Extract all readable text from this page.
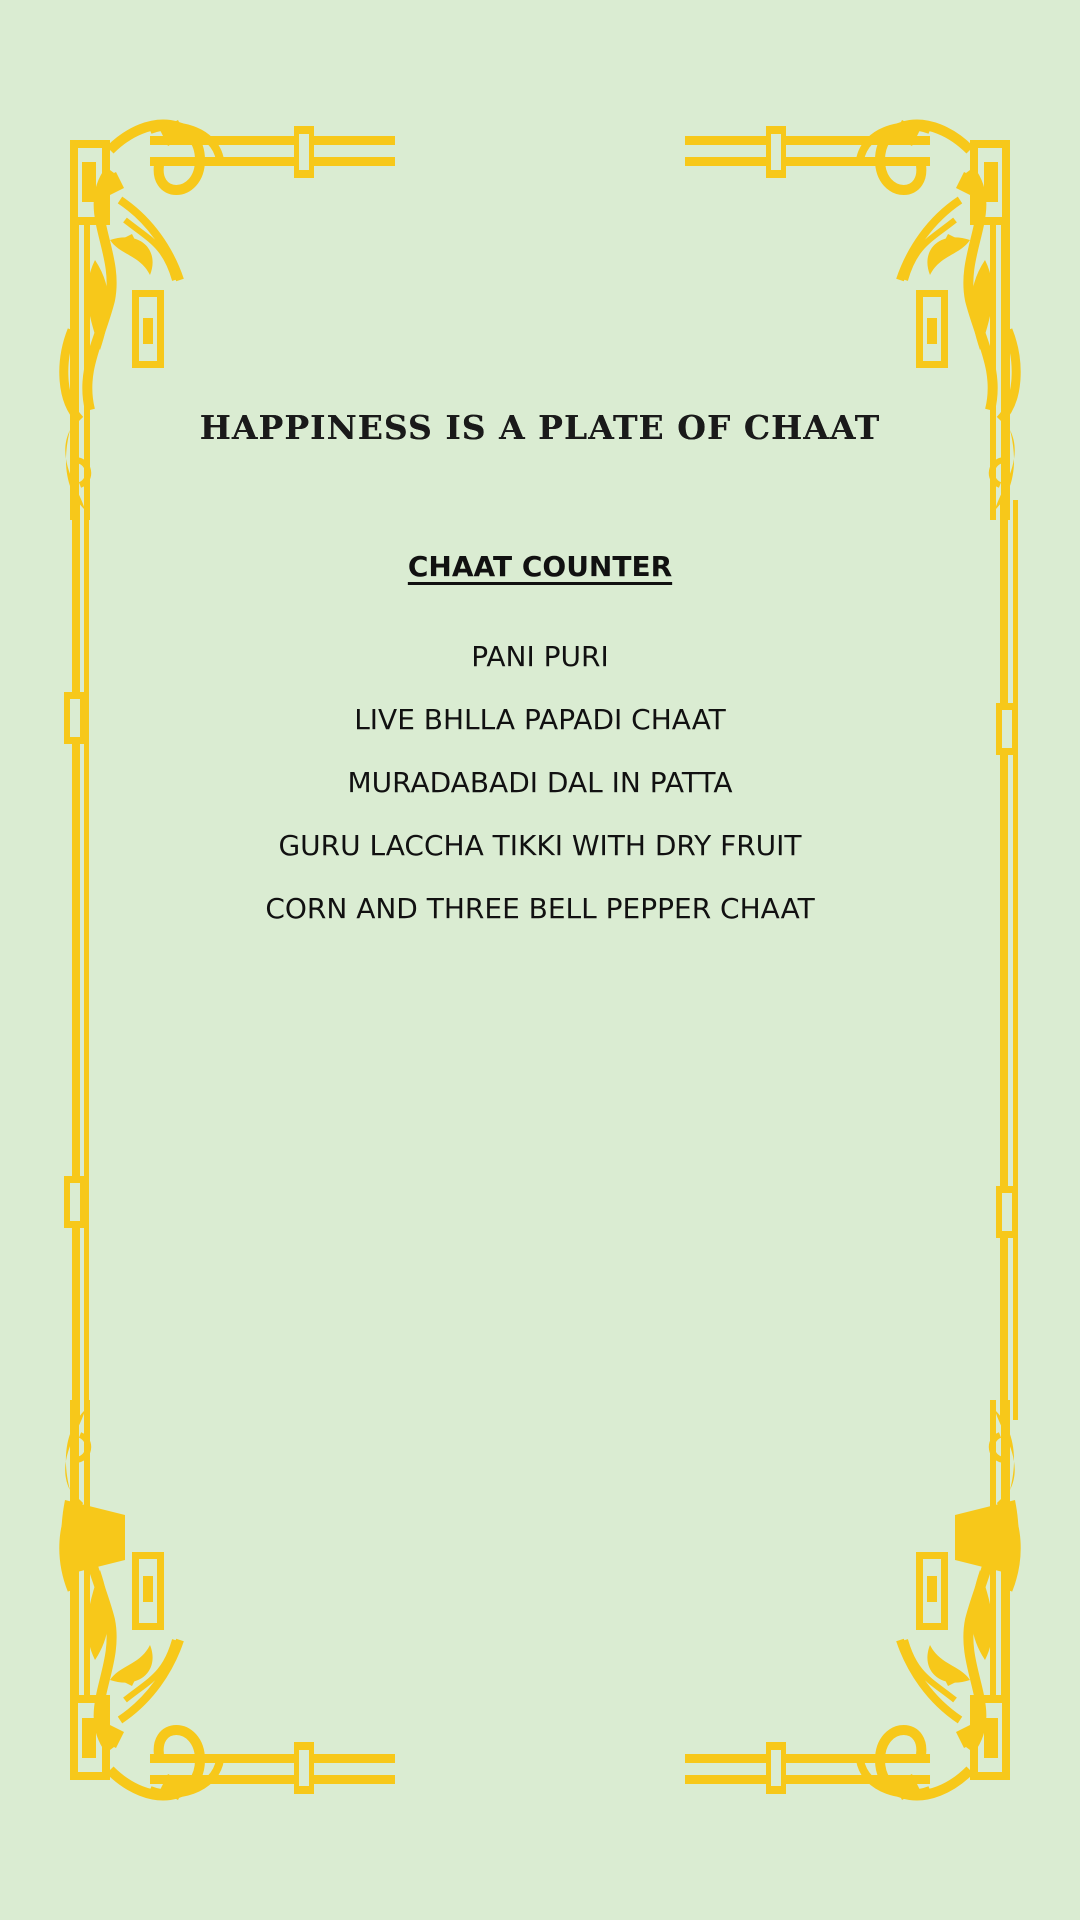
HAPPINESS IS A PLATE OF CHAAT
CHAAT COUNTER
PANI PURI
LIVE BHLLA PAPADI CHAAT
MURADABADI DAL IN PATTA
GURU LACCHA TIKKI WITH DRY FRUIT
CORN AND THREE BELL PEPPER CHAAT
